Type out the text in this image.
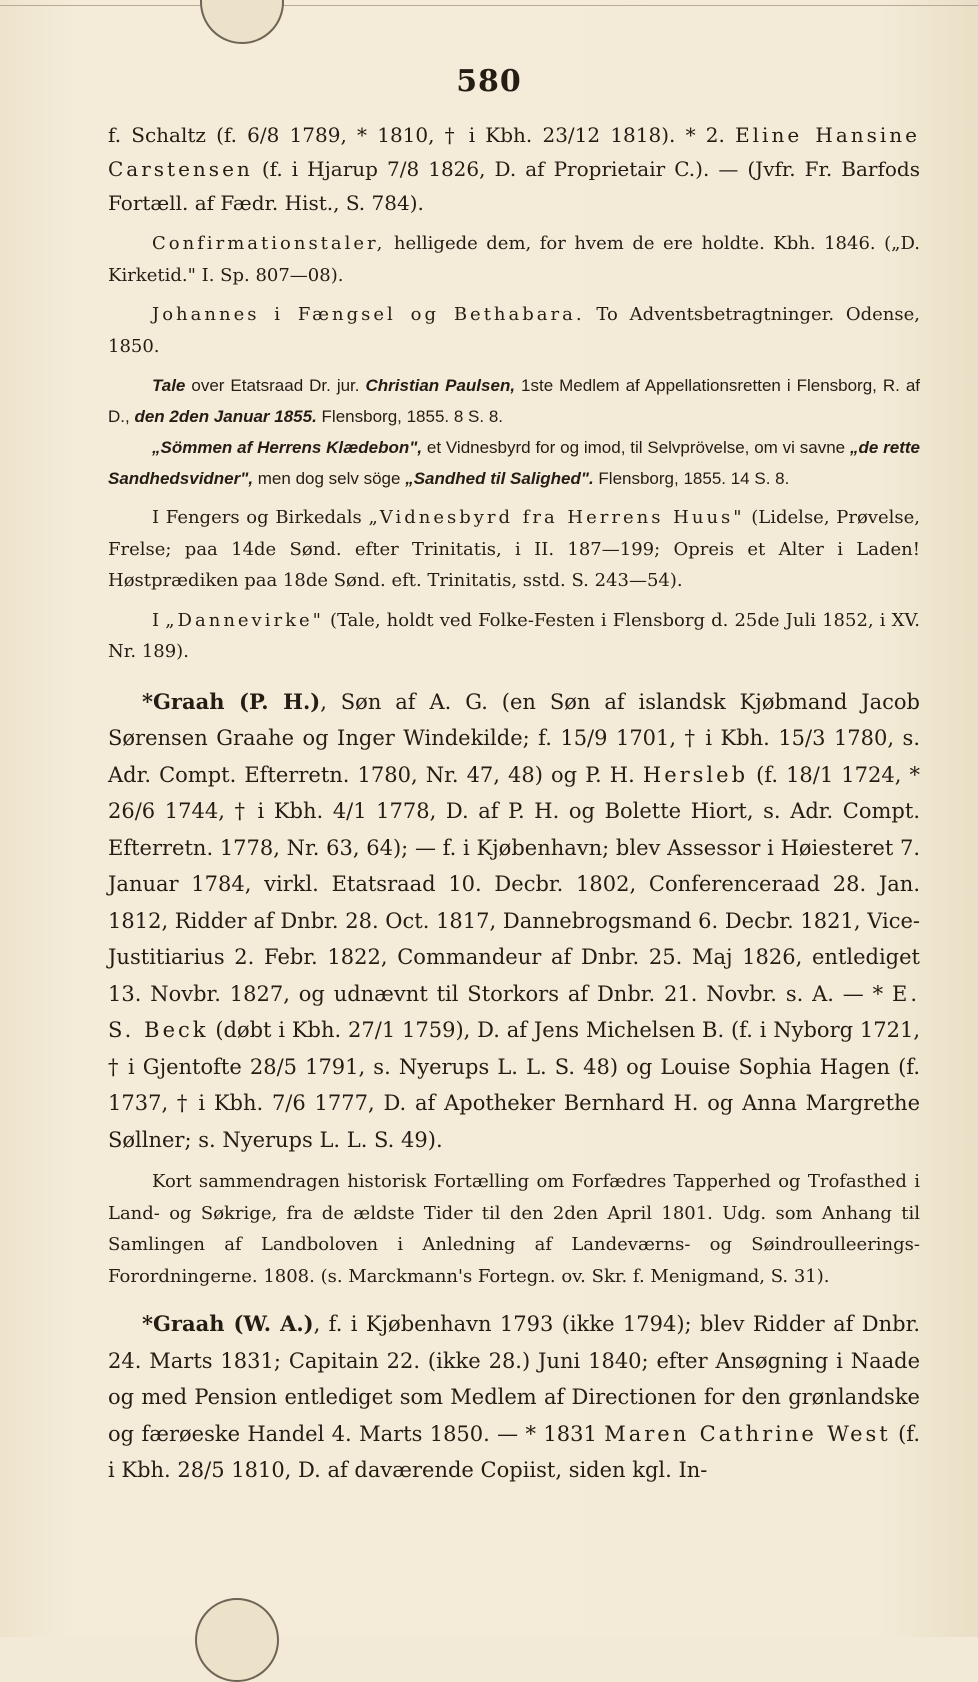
580

f. Schaltz (f. 6/8 1789, * 1810, † i Kbh. 23/12 1818). * 2. Eline Hansine Carstensen (f. i Hjarup 7/8 1826, D. af Proprietair C.). — (Jvfr. Fr. Barfods Fortæll. af Fædr. Hist., S. 784).

Confirmationstaler, helligede dem, for hvem de ere holdte. Kbh. 1846. („D. Kirketid." I. Sp. 807—08).

Johannes i Fængsel og Bethabara. To Adventsbetragtninger. Odense, 1850.

Tale over Etatsraad Dr. jur. Christian Paulsen, 1ste Medlem af Appellationsretten i Flensborg, R. af D., den 2den Januar 1855. Flensborg, 1855. 8 S. 8.

„Sömmen af Herrens Klædebon", et Vidnesbyrd for og imod, til Selvprövelse, om vi savne „de rette Sandhedsvidner", men dog selv söge „Sandhed til Salighed". Flensborg, 1855. 14 S. 8.

I Fengers og Birkedals „Vidnesbyrd fra Herrens Huus" (Lidelse, Prøvelse, Frelse; paa 14de Sønd. efter Trinitatis, i II. 187—199; Opreis et Alter i Laden! Høstprædiken paa 18de Sønd. eft. Trinitatis, sstd. S. 243—54).

I „Dannevirke" (Tale, holdt ved Folke-Festen i Flensborg d. 25de Juli 1852, i XV. Nr. 189).

*Graah (P. H.), Søn af A. G. (en Søn af islandsk Kjøbmand Jacob Sørensen Graahe og Inger Windekilde; f. 15/9 1701, † i Kbh. 15/3 1780, s. Adr. Compt. Efterretn. 1780, Nr. 47, 48) og P. H. Hersleb (f. 18/1 1724, * 26/6 1744, † i Kbh. 4/1 1778, D. af P. H. og Bolette Hiort, s. Adr. Compt. Efterretn. 1778, Nr. 63, 64); — f. i Kjøbenhavn; blev Assessor i Høiesteret 7. Januar 1784, virkl. Etatsraad 10. Decbr. 1802, Conferenceraad 28. Jan. 1812, Ridder af Dnbr. 28. Oct. 1817, Dannebrogsmand 6. Decbr. 1821, Vice-Justitiarius 2. Febr. 1822, Commandeur af Dnbr. 25. Maj 1826, entlediget 13. Novbr. 1827, og udnævnt til Storkors af Dnbr. 21. Novbr. s. A. — * E. S. Beck (døbt i Kbh. 27/1 1759), D. af Jens Michelsen B. (f. i Nyborg 1721, † i Gjentofte 28/5 1791, s. Nyerups L. L. S. 48) og Louise Sophia Hagen (f. 1737, † i Kbh. 7/6 1777, D. af Apotheker Bernhard H. og Anna Margrethe Søllner; s. Nyerups L. L. S. 49).

Kort sammendragen historisk Fortælling om Forfædres Tapperhed og Trofasthed i Land- og Søkrige, fra de ældste Tider til den 2den April 1801. Udg. som Anhang til Samlingen af Landboloven i Anledning af Landeværns- og Søindroulleerings-Forordningerne. 1808. (s. Marckmann's Fortegn. ov. Skr. f. Menigmand, S. 31).

*Graah (W. A.), f. i Kjøbenhavn 1793 (ikke 1794); blev Ridder af Dnbr. 24. Marts 1831; Capitain 22. (ikke 28.) Juni 1840; efter Ansøgning i Naade og med Pension entlediget som Medlem af Directionen for den grønlandske og færøeske Handel 4. Marts 1850. — * 1831 Maren Cathrine West (f. i Kbh. 28/5 1810, D. af daværende Copiist, siden kgl. In-
